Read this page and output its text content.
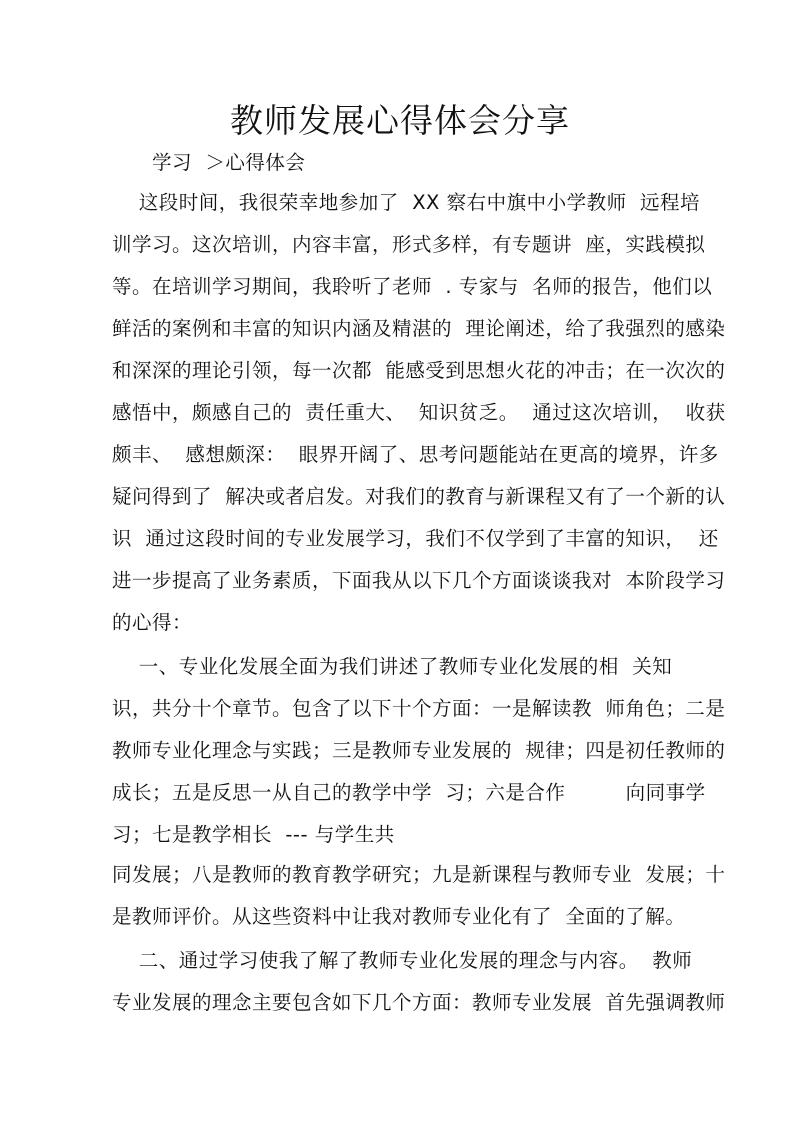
教师发展心得体会分享
学习  ＞心得体会
这段时间，我很荣幸地参加了  XX 察右中旗中小学教师  远程培
训学习。这次培训，内容丰富，形式多样，有专题讲  座，实践模拟
等。在培训学习期间，我聆听了老师  . 专家与  名师的报告，他们以
鲜活的案例和丰富的知识内涵及精湛的  理论阐述，给了我强烈的感染
和深深的理论引领，每一次都  能感受到思想火花的冲击；在一次次的
感悟中，颇感自己的  责任重大、  知识贫乏。  通过这次培训，  收获
颇丰、  感想颇深：  眼界开阔了、思考问题能站在更高的境界，许多
疑问得到了  解决或者启发。对我们的教育与新课程又有了一个新的认
识  通过这段时间的专业发展学习，我们不仅学到了丰富的知识，  还
进一步提高了业务素质，下面我从以下几个方面谈谈我对  本阶段学习
的心得：
一、专业化发展全面为我们讲述了教师专业化发展的相  关知
识，共分十个章节。包含了以下十个方面：一是解读教  师角色；二是
教师专业化理念与实践；三是教师专业发展的  规律；四是初任教师的
成长；五是反思一从自己的教学中学  习；六是合作         向同事学
习；七是教学相长  --- 与学生共
同发展；八是教师的教育教学研究；九是新课程与教师专业  发展；十
是教师评价。从这些资料中让我对教师专业化有了  全面的了解。
二、通过学习使我了解了教师专业化发展的理念与内容。  教师
专业发展的理念主要包含如下几个方面：教师专业发展  首先强调教师
